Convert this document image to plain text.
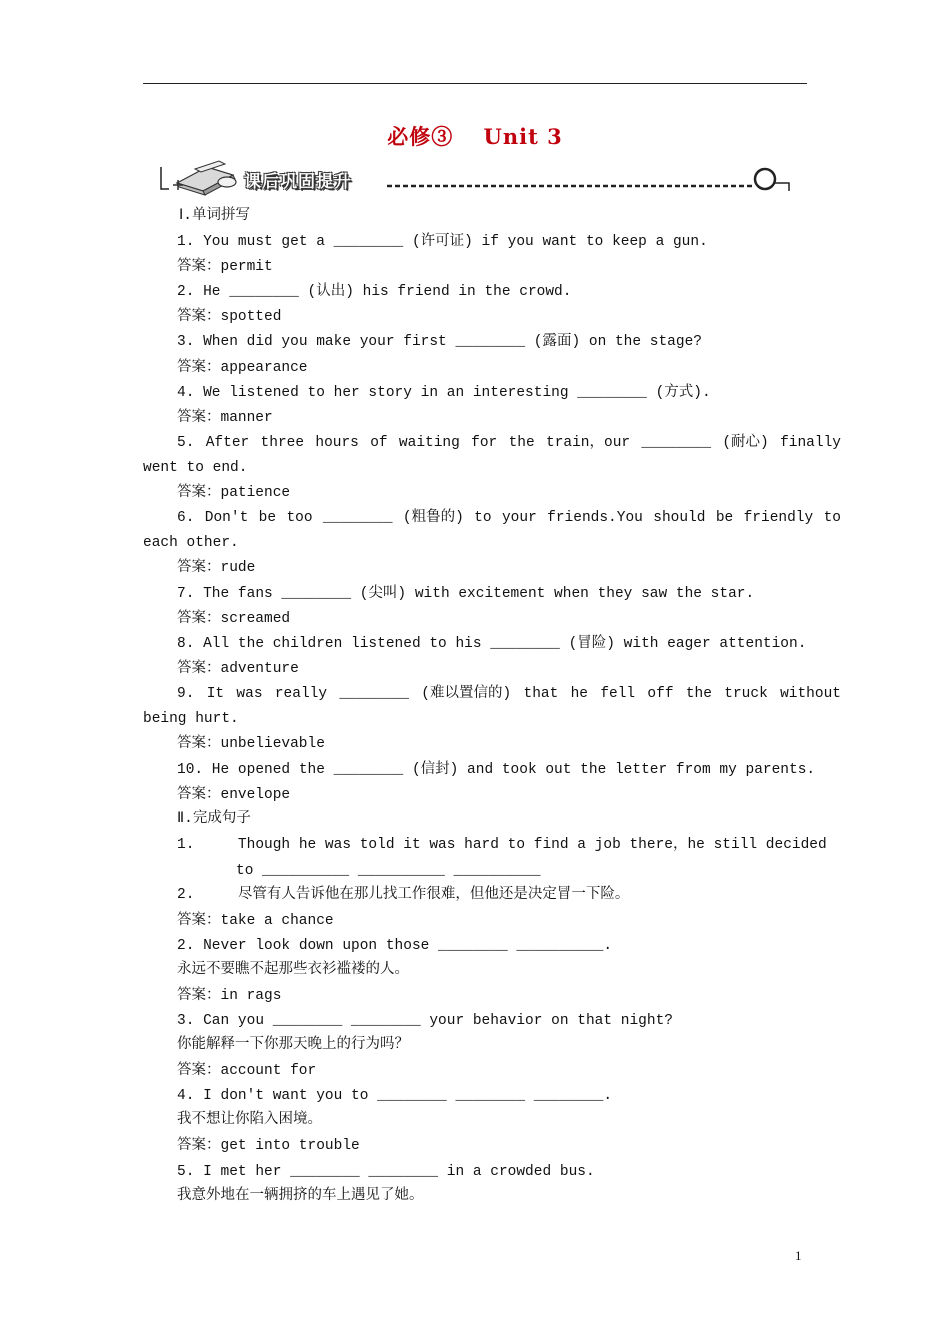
必修③　 Unit 3
课后巩固提升
Ⅰ.单词拼写
1. You must get a ________ (许可证) if you want to keep a gun.
答案：permit
2. He ________ (认出) his friend in the crowd.
答案：spotted
3. When did you make your first ________ (露面) on the stage?
答案：appearance
4. We listened to her story in an interesting ________ (方式).
答案：manner
5. After three hours of waiting for the train，our ________ (耐心) finally
went to end.
答案：patience
6. Don't be too ________ (粗鲁的) to your friends.You should be friendly to
each other.
答案：rude
7. The fans ________ (尖叫) with excitement when they saw the star.
答案：screamed
8. All the children listened to his ________ (冒险) with eager attention.
答案：adventure
9. It was really ________ (难以置信的) that he fell off the truck without
being hurt.
答案：unbelievable
10. He opened the ________ (信封) and took out the letter from my parents.
答案：envelope
Ⅱ.完成句子
1.     Though he was told it was hard to find a job there，he still decided
to __________ __________ __________
2.     尽管有人告诉他在那儿找工作很难，但他还是决定冒一下险。
答案：take a chance
2. Never look down upon those ________ __________.
永远不要瞧不起那些衣衫褴褛的人。
答案：in rags
3. Can you ________ ________ your behavior on that night?
你能解释一下你那天晚上的行为吗？
答案：account for
4. I don't want you to ________ ________ ________.
我不想让你陷入困境。
答案：get into trouble
5. I met her ________ ________ in a crowded bus.
我意外地在一辆拥挤的车上遇见了她。
1
